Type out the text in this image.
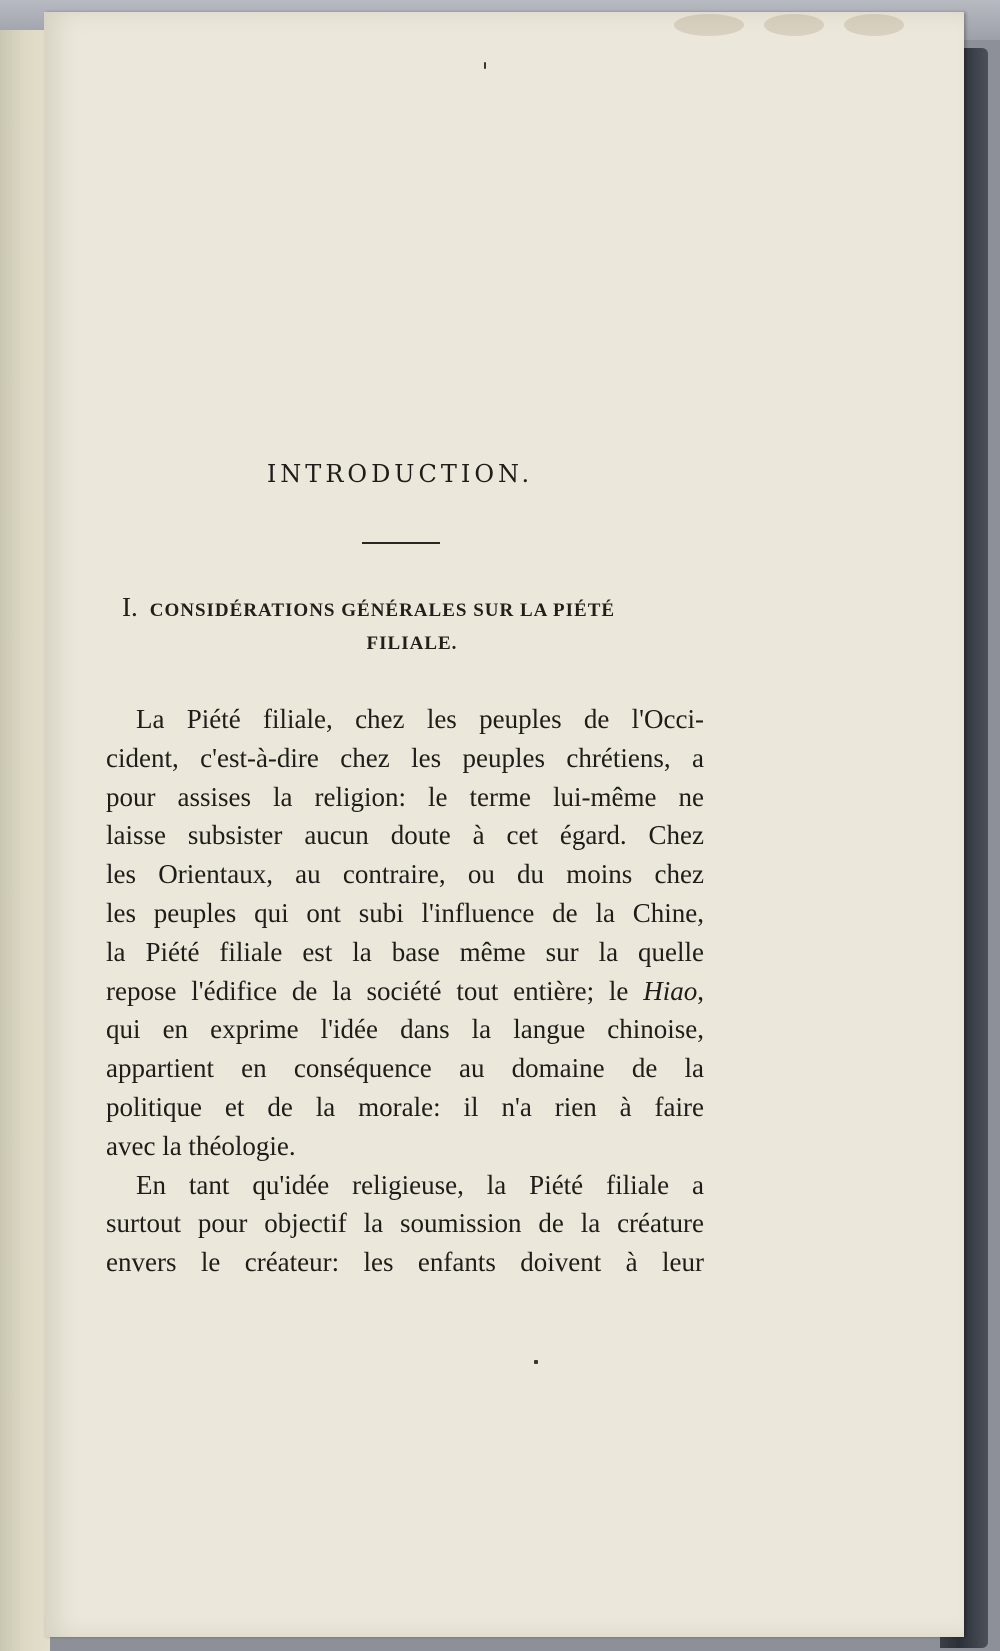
INTRODUCTION.
I. CONSIDÉRATIONS GÉNÉRALES SUR LA PIÉTÉ
FILIALE.
La Piété filiale, chez les peuples de l'Occi-
cident, c'est-à-dire chez les peuples chrétiens, a
pour assises la religion: le terme lui-même ne
laisse subsister aucun doute à cet égard. Chez
les Orientaux, au contraire, ou du moins chez
les peuples qui ont subi l'influence de la Chine,
la Piété filiale est la base même sur la quelle
repose l'édifice de la société tout entière; le Hiao,
qui en exprime l'idée dans la langue chinoise,
appartient en conséquence au domaine de la
politique et de la morale: il n'a rien à faire
avec la théologie.
En tant qu'idée religieuse, la Piété filiale a
surtout pour objectif la soumission de la créature
envers le créateur: les enfants doivent à leur
